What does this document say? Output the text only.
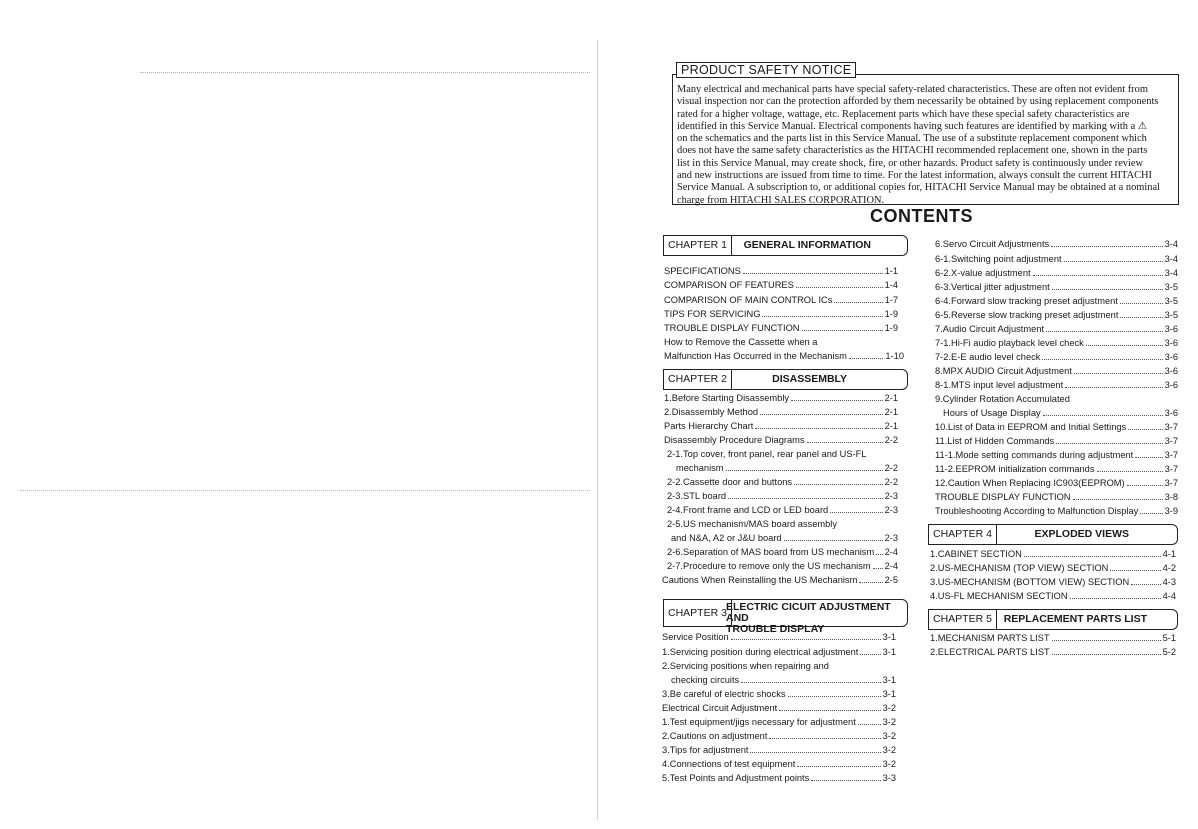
PRODUCT SAFETY NOTICE
Many electrical and mechanical parts have special safety-related characteristics. These are often not evident from
visual inspection nor can the protection afforded by them necessarily be obtained by using replacement components
rated for a higher voltage, wattage, etc. Replacement parts which have these special safety characteristics are
identified in this Service Manual. Electrical components having such features are identified by marking with a ⚠
on the schematics and the parts list in this Service Manual. The use of a substitute replacement component which
does not have the same safety characteristics as the HITACHI recommended replacement one, shown in the parts
list in this Service Manual, may create shock, fire, or other hazards. Product safety is continuously under review
and new instructions are issued from time to time. For the latest information, always consult the current HITACHI
Service Manual. A subscription to, or additional copies for, HITACHI Service Manual may be obtained at a nominal
charge from HITACHI SALES CORPORATION.
CONTENTS
CHAPTER 1	GENERAL INFORMATION
SPECIFICATIONS	1-1
COMPARISON OF FEATURES	1-4
COMPARISON OF MAIN CONTROL ICs	1-7
TIPS FOR SERVICING	1-9
TROUBLE DISPLAY FUNCTION	1-9
How to Remove the Cassette when a
Malfunction Has Occurred in the Mechanism	1-10
CHAPTER 2	DISASSEMBLY
1.Before Starting Disassembly	2-1
2.Disassembly Method	2-1
Parts Hierarchy Chart	2-1
Disassembly Procedure Diagrams	2-2
2-1.Top cover, front panel, rear panel and US-FL
mechanism	2-2
2-2.Cassette door and buttons	2-2
2-3.STL board	2-3
2-4.Front frame and LCD or LED board	2-3
2-5.US mechanism/MAS board assembly
and N&A, A2 or J&U board	2-3
2-6.Separation of MAS board from US mechanism 2-4
2-7.Procedure to remove only the US mechanism 2-4
Cautions When Reinstalling the US Mechanism	2-5
CHAPTER 3 ELECTRIC CICUIT ADJUSTMENT AND
TROUBLE DISPLAY
Service Position	3-1
1.Servicing position during electrical adjustment	3-1
2.Servicing positions when repairing and
checking circuits	3-1
3.Be careful of electric shocks	3-1
Electrical Circuit Adjustment	3-2
1.Test equipment/jigs necessary for adjustment	3-2
2.Cautions on adjustment	3-2
3.Tips for adjustment	3-2
4.Connections of test equipment	3-2
5.Test Points and Adjustment points	3-3
6.Servo Circuit Adjustments	3-4
6-1.Switching point adjustment	3-4
6-2.X-value adjustment	3-4
6-3.Vertical jitter adjustment	3-5
6-4.Forward slow tracking preset adjustment	3-5
6-5.Reverse slow tracking preset adjustment	3-5
7.Audio Circuit Adjustment	3-6
7-1.Hi-Fi audio playback level check	3-6
7-2.E-E audio level check	3-6
8.MPX AUDIO Circuit Adjustment	3-6
8-1.MTS input level adjustment	3-6
9.Cylinder Rotation Accumulated
Hours of Usage Display	3-6
10.List of Data in EEPROM and Initial Settings	3-7
11.List of Hidden Commands	3-7
11-1.Mode setting commands during adjustment	3-7
11-2.EEPROM initialization commands	3-7
12.Caution When Replacing IC903(EEPROM)	3-7
TROUBLE DISPLAY FUNCTION	3-8
Troubleshooting According to Malfunction Display	3-9
CHAPTER 4	EXPLODED VIEWS
1.CABINET SECTION	4-1
2.US-MECHANISM (TOP VIEW) SECTION	4-2
3.US-MECHANISM (BOTTOM VIEW) SECTION	4-3
4.US-FL MECHANISM SECTION	4-4
CHAPTER 5	REPLACEMENT PARTS LIST
1.MECHANISM PARTS LIST	5-1
2.ELECTRICAL PARTS LIST	5-2
